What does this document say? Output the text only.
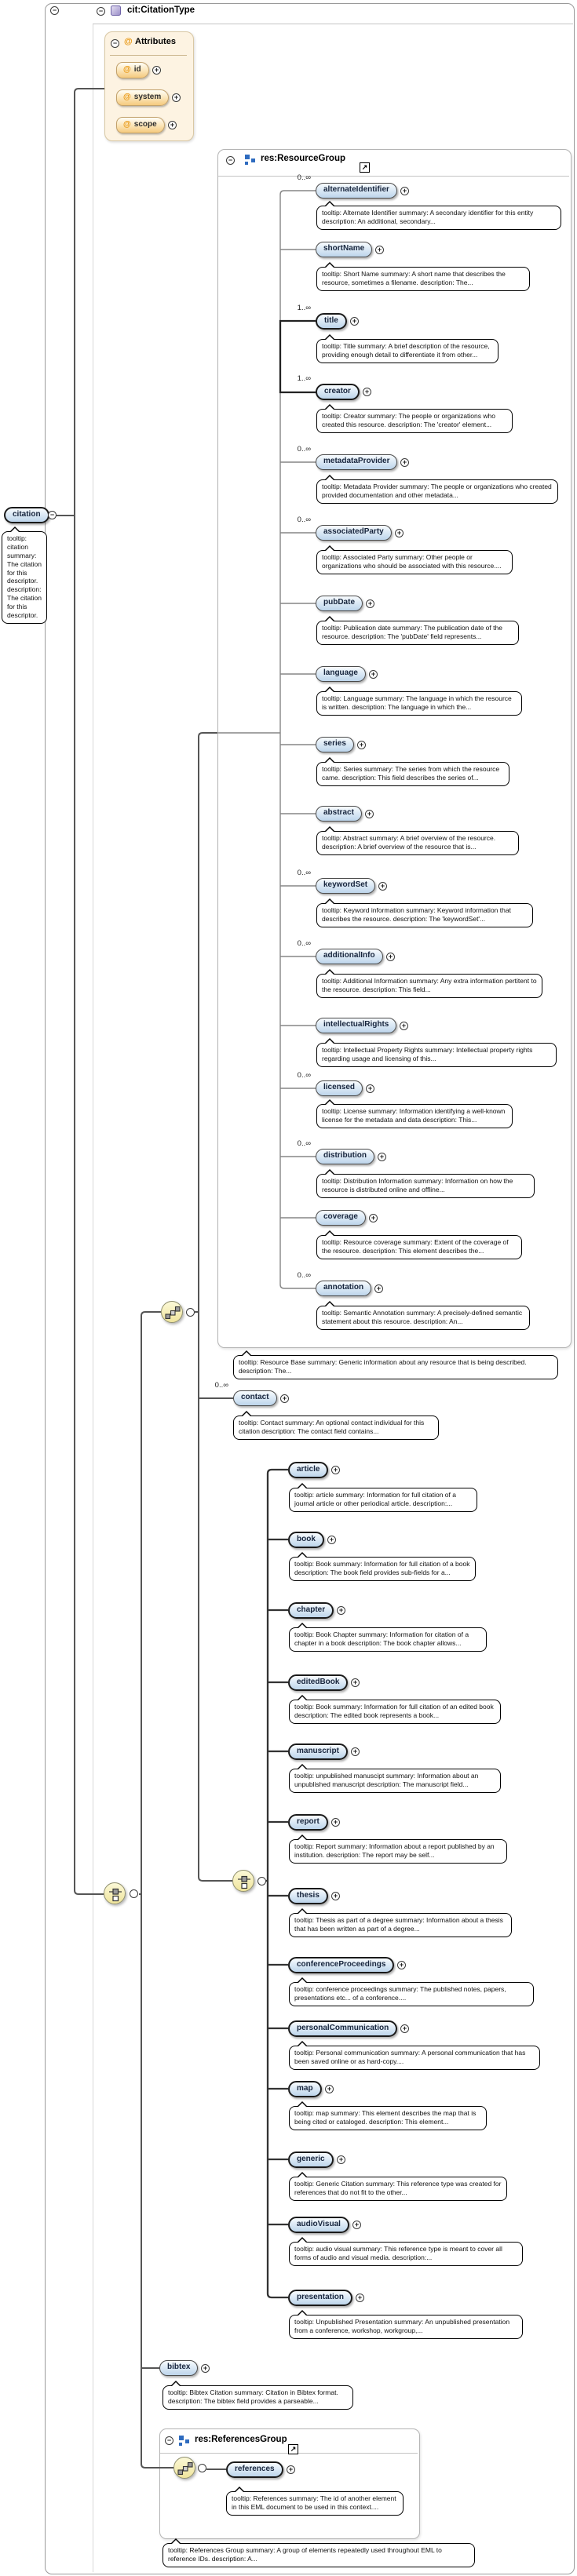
−	−	cit:CitationType
− @ Attributes
−	res:ResourceGroup
↗
−	res:ReferencesGroup
↗
alternateIdentifier
0..∞
tooltip: Alternate Identifier summary: A secondary identifier for this entity description: An additional, secondary...
shortName
tooltip: Short Name summary: A short name that describes the resource, sometimes a filename. description: The...
title
1..∞
tooltip: Title summary: A brief description of the resource, providing enough detail to differentiate it from other...
creator
1..∞
tooltip: Creator summary: The people or organizations who created this resource. description: The 'creator' element...
metadataProvider
0..∞
tooltip: Metadata Provider summary: The people or organizations who created provided documentation and other metadata...
associatedParty
0..∞
tooltip: Associated Party summary: Other people or organizations who should be associated with this resource....
pubDate
tooltip: Publication date summary: The publication date of the resource. description: The 'pubDate' field represents...
language
tooltip: Language summary: The language in which the resource is written. description: The language in which the...
series
tooltip: Series summary: The series from which the resource came. description: This field describes the series of...
abstract
tooltip: Abstract summary: A brief overview of the resource. description: A brief overview of the resource that is...
keywordSet
0..∞
tooltip: Keyword information summary: Keyword information that describes the resource. description: The 'keywordSet'...
additionalInfo
0..∞
tooltip: Additional Information summary: Any extra information pertitent to the resource. description: This field...
intellectualRights
tooltip: Intellectual Property Rights summary: Intellectual property rights regarding usage and licensing of this...
licensed
0..∞
tooltip: License summary: Information identifying a well-known license for the metadata and data description: This...
distribution
0..∞
tooltip: Distribution Information summary: Information on how the resource is distributed online and offline...
coverage
tooltip: Resource coverage summary: Extent of the coverage of the resource. description: This element describes the...
annotation
0..∞
tooltip: Semantic Annotation summary: A precisely-defined semantic statement about this resource. description: An...
article
tooltip: article summary: Information for full citation of a journal article or other periodical article. description:...
book
tooltip: Book summary: Information for full citation of a book description: The book field provides sub-fields for a...
chapter
tooltip: Book Chapter summary: Information for citation of a chapter in a book description: The book chapter allows...
editedBook
tooltip: Book summary: Information for full citation of an edited book description: The edited book represents a book...
manuscript
tooltip: unpublished manuscipt summary: Information about an unpublished manuscript description: The manuscript field...
report
tooltip: Report summary: Information about a report published by an institution. description: The report may be self...
thesis
tooltip: Thesis as part of a degree summary: Information about a thesis that has been written as part of a degree...
conferenceProceedings
tooltip: conference proceedings summary: The published notes, papers, presentations etc... of a conference....
personalCommunication
tooltip: Personal communication summary: A personal communication that has been saved online or as hard-copy....
map
tooltip: map summary: This element describes the map that is being cited or cataloged. description: This element...
generic
tooltip: Generic Citation summary: This reference type was created for references that do not fit to the other...
audioVisual
tooltip: audio visual summary: This reference type is meant to cover all forms of audio and visual media. description:...
presentation
tooltip: Unpublished Presentation summary: An unpublished presentation from a conference, workshop, workgroup,...
citation
tooltip: citation summary: The citation for this descriptor. description: The citation for this descriptor.
−
contact
0..∞
tooltip: Contact summary: An optional contact individual for this citation description: The contact field contains...
bibtex
tooltip: Bibtex Citation summary: Citation in Bibtex format. description: The bibtex field provides a parseable...
references
tooltip: References summary: The id of another element in this EML document to be used in this context....
tooltip: Resource Base summary: Generic information about any resource that is being described. description: The...
tooltip: References Group summary: A group of elements repeatedly used throughout EML to reference IDs. description: A...
@ id
@ system
@ scope
+
+
+
+
+
+
+
+
+
+
+
+
+
+
+
+
+
+
+
+
+
+
+
+
+
+
+
+
+
+
+
+
+
+
+
+
